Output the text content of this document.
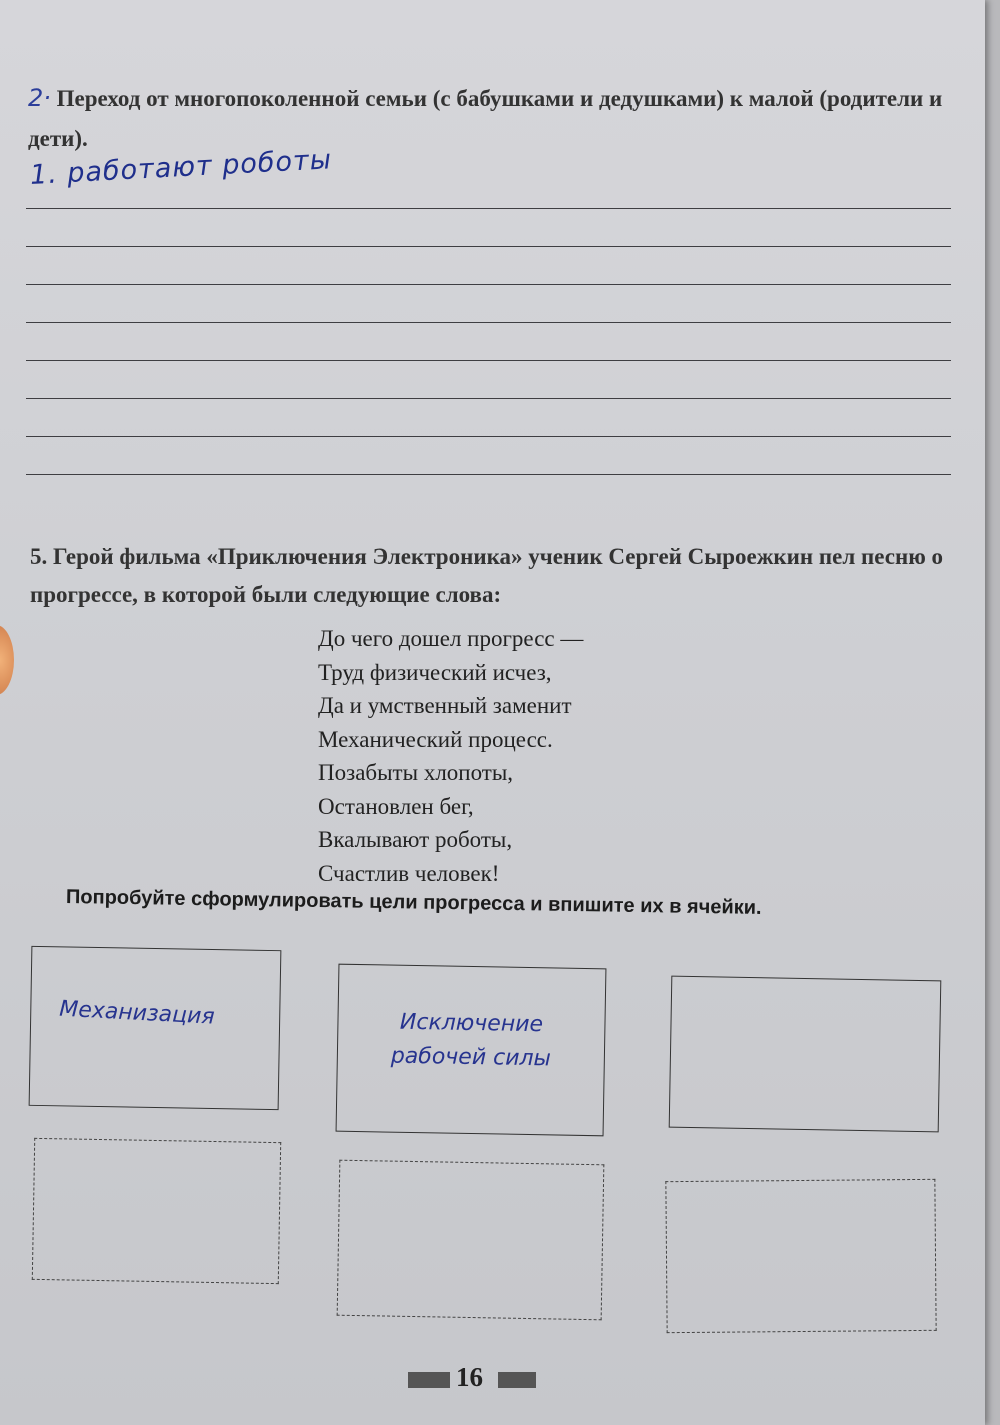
2· Переход от многопоколенной семьи (с бабушками и дедушками) к малой (родители и дети).
1. работают роботы
5. Герой фильма «Приключения Электроника» ученик Сергей Сыроежкин пел песню о прогрессе, в которой были следующие слова:
До чего дошел прогресс —
Труд физический исчез,
Да и умственный заменит
Механический процесс.
Позабыты хлопоты,
Остановлен бег,
Вкалывают роботы,
Счастлив человек!
Попробуйте сформулировать цели прогресса и впишите их в ячейки.
Механизация	Исключение рабочей силы
16
